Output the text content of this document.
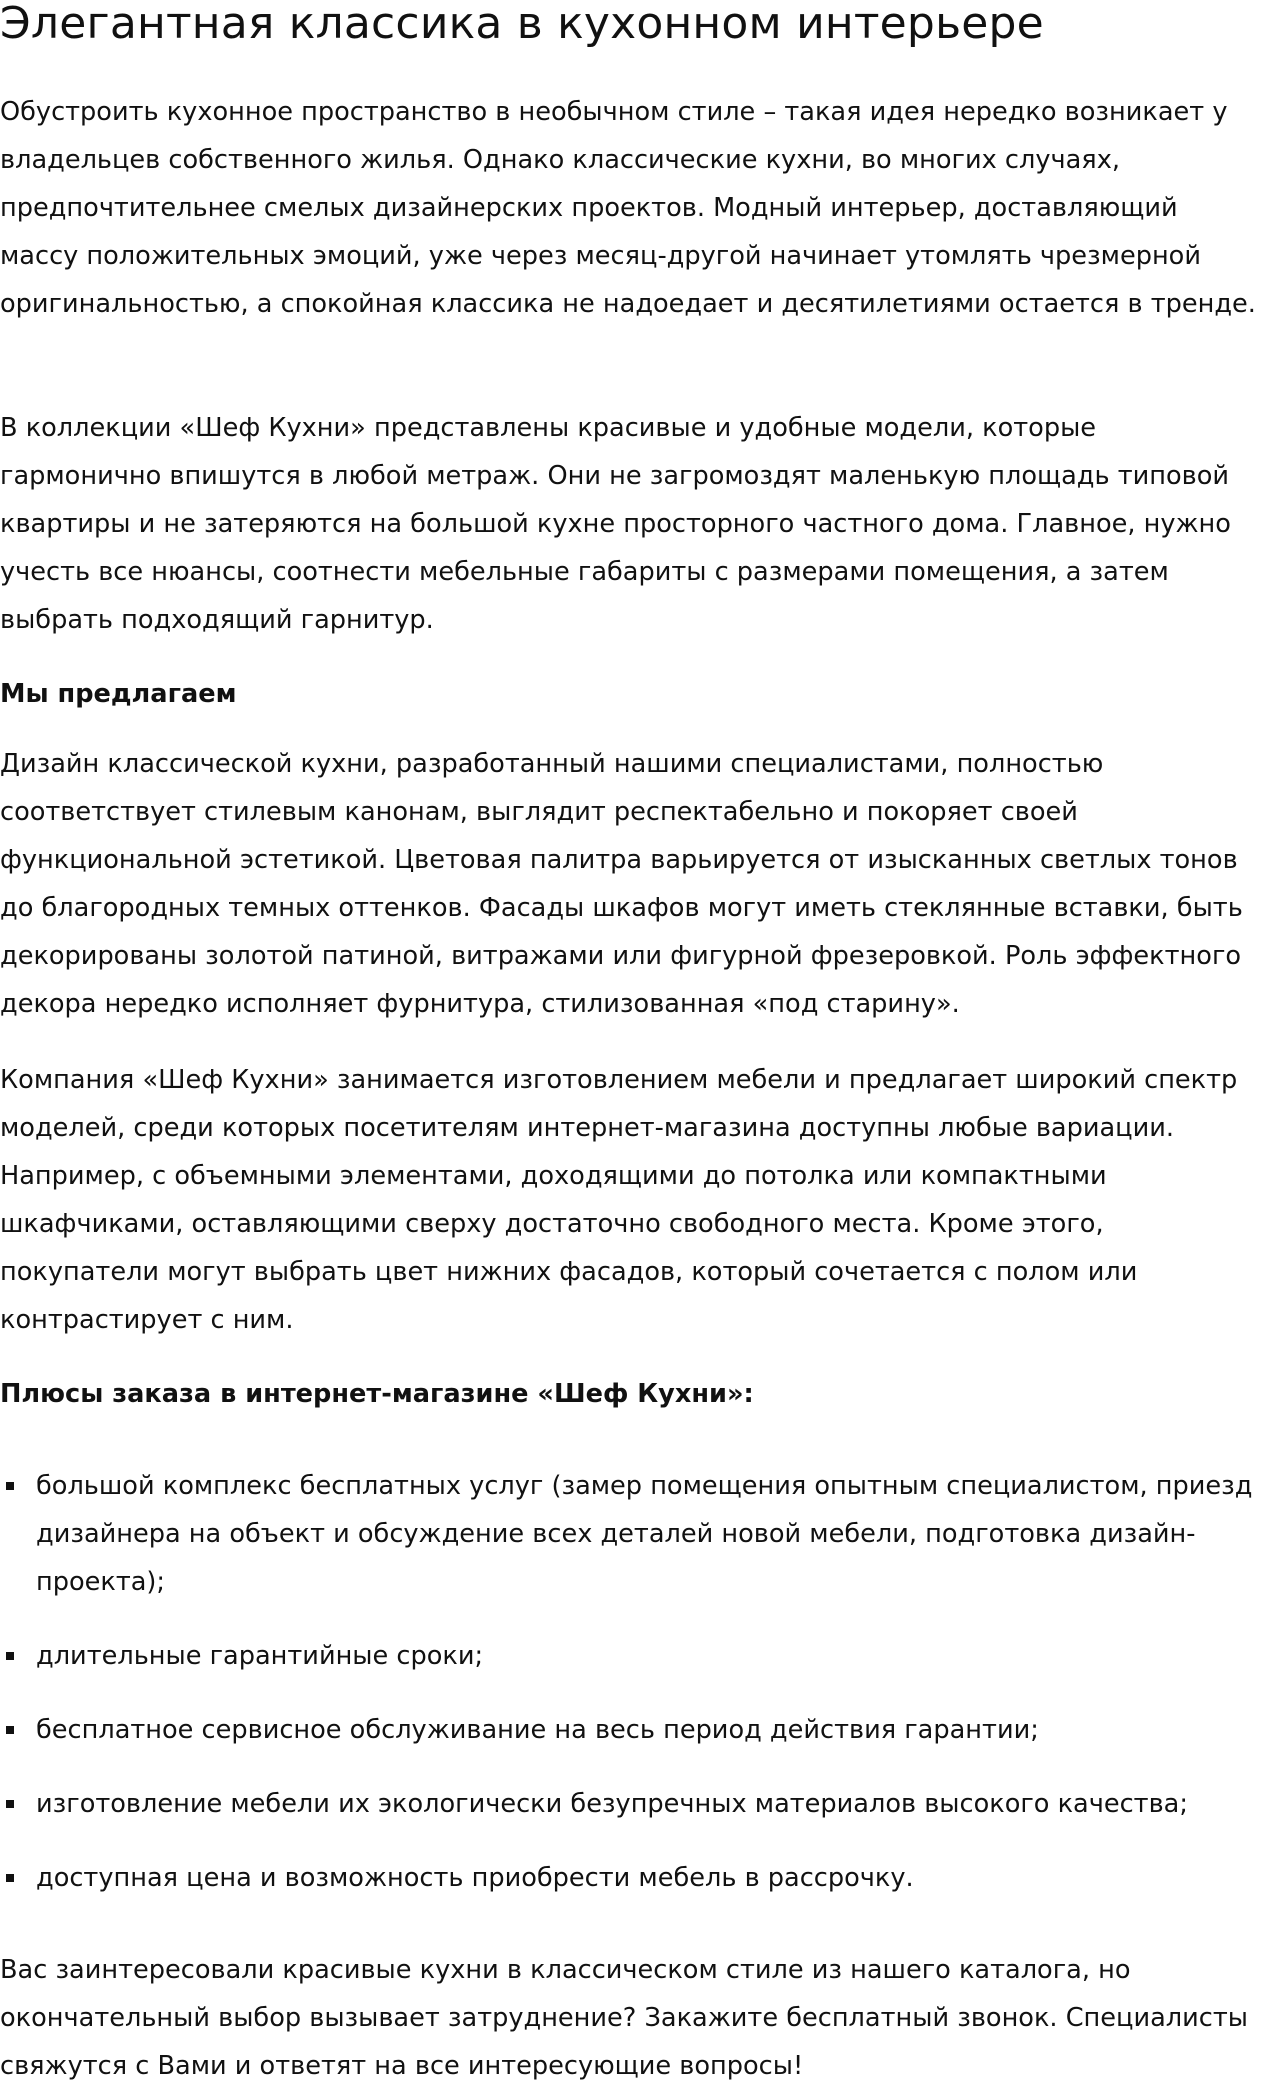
Элегантная классика в кухонном интерьере

Обустроить кухонное пространство в необычном стиле – такая идея нередко возникает у владельцев собственного жилья. Однако классические кухни, во многих случаях, предпочтительнее смелых дизайнерских проектов. Модный интерьер, доставляющий массу положительных эмоций, уже через месяц-другой начинает утомлять чрезмерной оригинальностью, а спокойная классика не надоедает и десятилетиями остается в тренде.

В коллекции «Шеф Кухни» представлены красивые и удобные модели, которые гармонично впишутся в любой метраж. Они не загромоздят маленькую площадь типовой квартиры и не затеряются на большой кухне просторного частного дома. Главное, нужно учесть все нюансы, соотнести мебельные габариты с размерами помещения, а затем выбрать подходящий гарнитур.

Мы предлагаем

Дизайн классической кухни, разработанный нашими специалистами, полностью соответствует стилевым канонам, выглядит респектабельно и покоряет своей функциональной эстетикой. Цветовая палитра варьируется от изысканных светлых тонов до благородных темных оттенков. Фасады шкафов могут иметь стеклянные вставки, быть декорированы золотой патиной, витражами или фигурной фрезеровкой. Роль эффектного декора нередко исполняет фурнитура, стилизованная «под старину».

Компания «Шеф Кухни» занимается изготовлением мебели и предлагает широкий спектр моделей, среди которых посетителям интернет-магазина доступны любые вариации. Например, с объемными элементами, доходящими до потолка или компактными шкафчиками, оставляющими сверху достаточно свободного места. Кроме этого, покупатели могут выбрать цвет нижних фасадов, который сочетается с полом или контрастирует с ним.

Плюсы заказа в интернет-магазине «Шеф Кухни»:

большой комплекс бесплатных услуг (замер помещения опытным специалистом, приезд дизайнера на объект и обсуждение всех деталей новой мебели, подготовка дизайн-проекта);
длительные гарантийные сроки;
бесплатное сервисное обслуживание на весь период действия гарантии;
изготовление мебели их экологически безупречных материалов высокого качества;
доступная цена и возможность приобрести мебель в рассрочку.

Вас заинтересовали красивые кухни в классическом стиле из нашего каталога, но окончательный выбор вызывает затруднение? Закажите бесплатный звонок. Специалисты свяжутся с Вами и ответят на все интересующие вопросы!
